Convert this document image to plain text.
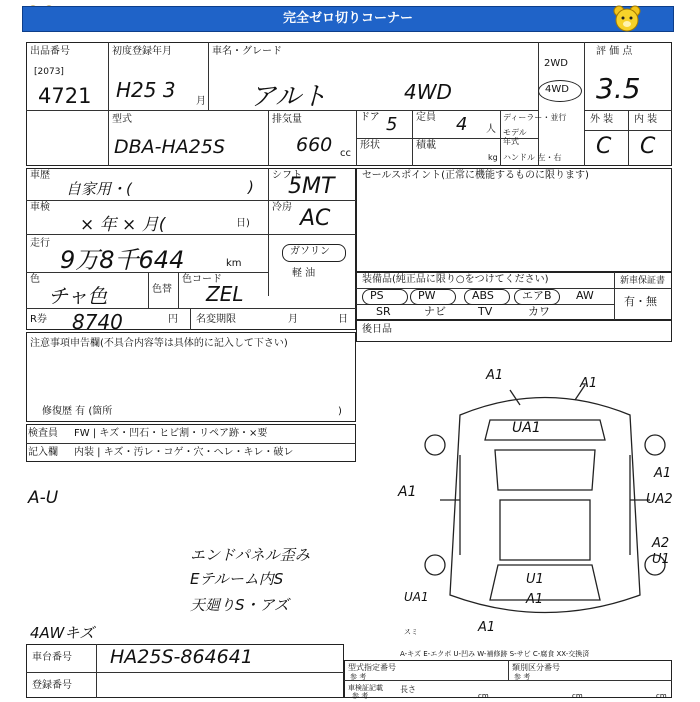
完全ゼロ切りコーナー
出品番号
[2073]
4721
初度登録年月
H25 3 月
車名・グレード
アルト	4WD
2WD
4WD
評 価 点
3.5
型式
DBA-HA25S
排気量
660 cc
ドア 5 定員 4 人
形状	積載
kg
ディーラー・並行
モデル 年式
ハンドル 左・右
外 装 内 装
C C
車歴
自家用・(	)
シフト
5MT
車検
× 年 × 月(	日)
冷房 AC
走行
9万8千644	km
ガソリン
軽 油
色
チャ色	色替
色コード
ZEL
R券 8740	円 名変期限	月	日
セールスポイント(正常に機能するものに限ります)
装備品(純正品に限り○をつけてください)	新車保証書
有・無
PS	PW	ABS	エアB AW
SR	ナビ	TV	カワ
後日品
注意事項申告欄(不具合内容等は具体的に記入して下さい)
修復歴 有 (箇所	)
検査員
記入欄
FW | キズ・凹石・ヒビ割・リペア跡・×要
内装 | キズ・汚レ・コゲ・穴・ヘレ・キレ・破レ
A-U
エンドパネル歪み
Eテルーム内S
天廻りS・アズ
4AWキズ
A1
A1
UA1
A1
A1
UA2
A2
U1
U1
A1
UA1
A1
スミ
A-キズ E-エクボ U-凹み W-補修跡 S-サビ C-腐食 XX-交換済
車台番号 HA25S-864641
登録番号
型式指定番号
参 考
類別区分番号
参 考
車検証記載
参 考
長さ
cm	cm	cm
